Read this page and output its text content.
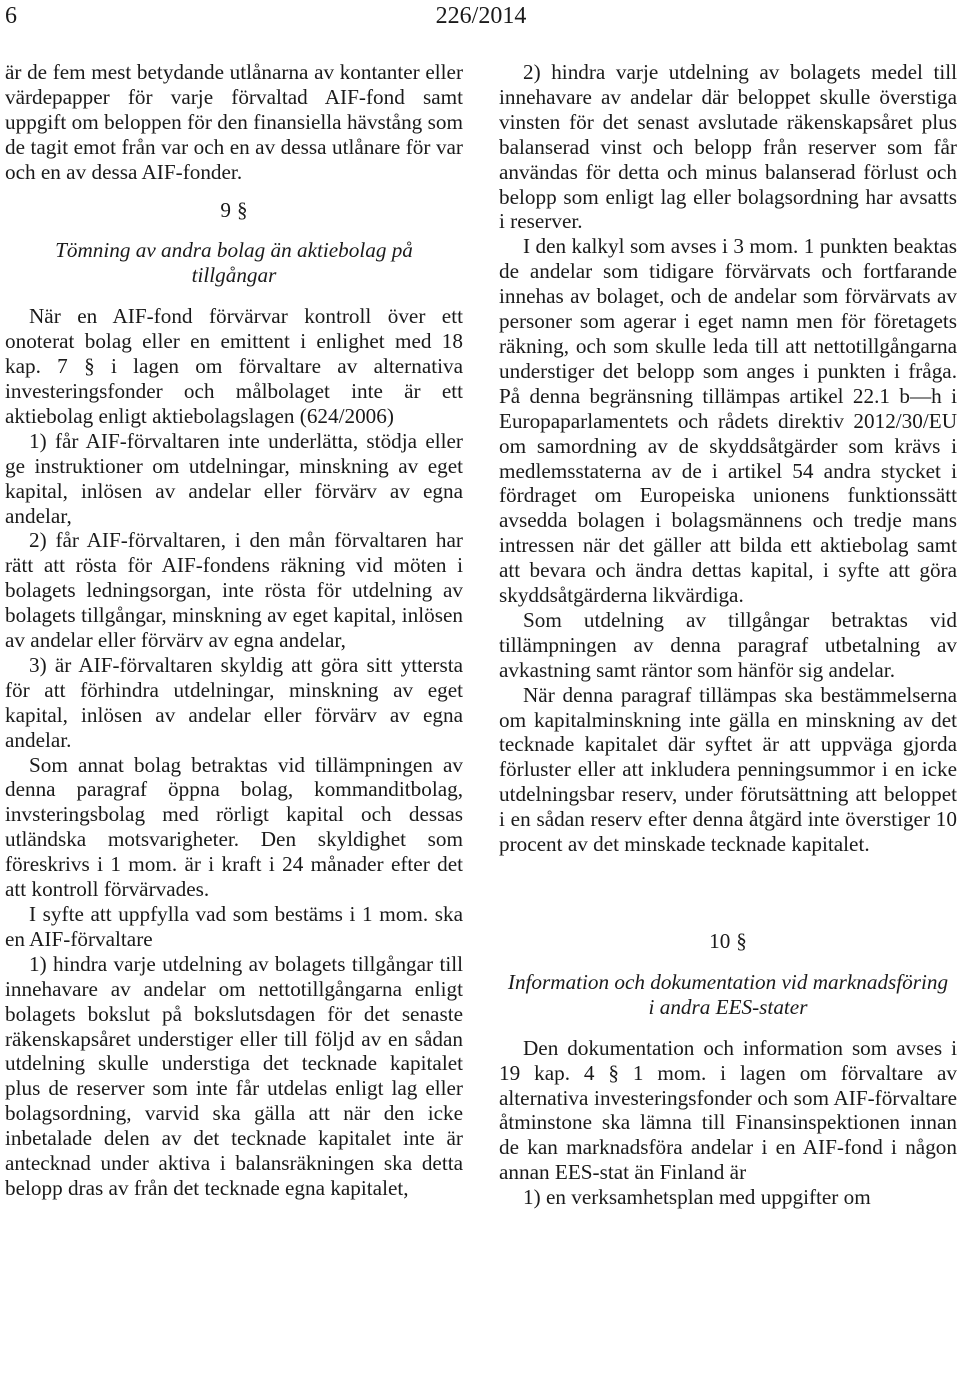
6	226/2014

är de fem mest betydande utlånarna av kontanter eller värdepapper för varje förvaltad AIF-fond samt uppgift om beloppen för den finansiella hävstång som de tagit emot från var och en av dessa utlånare för var och en av dessa AIF-fonder.

9 §

Tömning av andra bolag än aktiebolag på tillgångar

När en AIF-fond förvärvar kontroll över ett onoterat bolag eller en emittent i enlighet med 18 kap. 7 § i lagen om förvaltare av alternativa investeringsfonder och målbolaget inte är ett aktiebolag enligt aktiebolagslagen (624/2006)

1) får AIF-förvaltaren inte underlätta, stödja eller ge instruktioner om utdelningar, minskning av eget kapital, inlösen av andelar eller förvärv av egna andelar,

2) får AIF-förvaltaren, i den mån förvaltaren har rätt att rösta för AIF-fondens räkning vid möten i bolagets ledningsorgan, inte rösta för utdelning av bolagets tillgångar, minskning av eget kapital, inlösen av andelar eller förvärv av egna andelar,

3) är AIF-förvaltaren skyldig att göra sitt yttersta för att förhindra utdelningar, minskning av eget kapital, inlösen av andelar eller förvärv av egna andelar.

Som annat bolag betraktas vid tillämpningen av denna paragraf öppna bolag, kommanditbolag, invsteringsbolag med rörligt kapital och dessas utländska motsvarigheter. Den skyldighet som föreskrivs i 1 mom. är i kraft i 24 månader efter det att kontroll förvärvades.

I syfte att uppfylla vad som bestäms i 1 mom. ska en AIF-förvaltare

1) hindra varje utdelning av bolagets tillgångar till innehavare av andelar om nettotillgångarna enligt bolagets bokslut på bokslutsdagen för det senaste räkenskapsåret understiger eller till följd av en sådan utdelning skulle understiga det tecknade kapitalet plus de reserver som inte får utdelas enligt lag eller bolagsordning, varvid ska gälla att när den icke inbetalade delen av det tecknade kapitalet inte är antecknad under aktiva i balansräkningen ska detta belopp dras av från det tecknade egna kapitalet,

2) hindra varje utdelning av bolagets medel till innehavare av andelar där beloppet skulle överstiga vinsten för det senast avslutade räkenskapsåret plus balanserad vinst och belopp från reserver som får användas för detta och minus balanserad förlust och belopp som enligt lag eller bolagsordning har avsatts i reserver.

I den kalkyl som avses i 3 mom. 1 punkten beaktas de andelar som tidigare förvärvats och fortfarande innehas av bolaget, och de andelar som förvärvats av personer som agerar i eget namn men för företagets räkning, och som skulle leda till att nettotillgångarna understiger det belopp som anges i punkten i fråga. På denna begränsning tillämpas artikel 22.1 b—h i Europaparlamentets och rådets direktiv 2012/30/EU om samordning av de skyddsåtgärder som krävs i medlemsstaterna av de i artikel 54 andra stycket i fördraget om Europeiska unionens funktionssätt avsedda bolagen i bolagsmännens och tredje mans intressen när det gäller att bilda ett aktiebolag samt att bevara och ändra dettas kapital, i syfte att göra skyddsåtgärderna likvärdiga.

Som utdelning av tillgångar betraktas vid tillämpningen av denna paragraf utbetalning av avkastning samt räntor som hänför sig andelar.

När denna paragraf tillämpas ska bestämmelserna om kapitalminskning inte gälla en minskning av det tecknade kapitalet där syftet är att uppväga gjorda förluster eller att inkludera penningsummor i en icke utdelningsbar reserv, under förutsättning att beloppet i en sådan reserv efter denna åtgärd inte överstiger 10 procent av det minskade tecknade kapitalet.

10 §

Information och dokumentation vid marknadsföring i andra EES-stater

Den dokumentation och information som avses i 19 kap. 4 § 1 mom. i lagen om förvaltare av alternativa investeringsfonder och som AIF-förvaltare åtminstone ska lämna till Finansinspektionen innan de kan marknadsföra andelar i en AIF-fond i någon annan EES-stat än Finland är

1) en verksamhetsplan med uppgifter om
